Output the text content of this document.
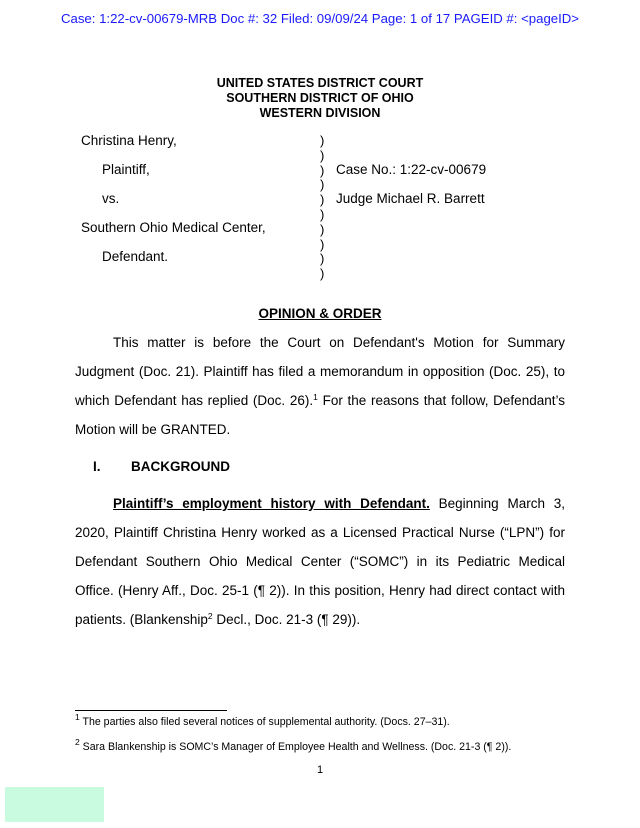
Case: 1:22-cv-00679-MRB Doc #: 32 Filed: 09/09/24 Page: 1 of 17 PAGEID #: <pageID>
UNITED STATES DISTRICT COURT
SOUTHERN DISTRICT OF OHIO
WESTERN DIVISION
Christina Henry,
Plaintiff,
vs.
Southern Ohio Medical Center,
Defendant.
)
)
)
)
)
)
)
)
)
)
Case No.: 1:22-cv-00679
Judge Michael R. Barrett
OPINION & ORDER
This matter is before the Court on Defendant's Motion for Summary Judgment (Doc. 21). Plaintiff has filed a memorandum in opposition (Doc. 25), to which Defendant has replied (Doc. 26).$^1$ For the reasons that follow, Defendant’s Motion will be GRANTED.
I. BACKGROUND
Plaintiff’s employment history with Defendant. Beginning March 3, 2020, Plaintiff Christina Henry worked as a Licensed Practical Nurse (“LPN”) for Defendant Southern Ohio Medical Center (“SOMC”) in its Pediatric Medical Office. (Henry Aff., Doc. 25-1 (¶ 2)). In this position, Henry had direct contact with patients. (Blankenship$^2$ Decl., Doc. 21-3 (¶ 29)).
$^1$ The parties also filed several notices of supplemental authority. (Docs. 27–31).
$^2$ Sara Blankenship is SOMC’s Manager of Employee Health and Wellness. (Doc. 21-3 (¶ 2)).
1
